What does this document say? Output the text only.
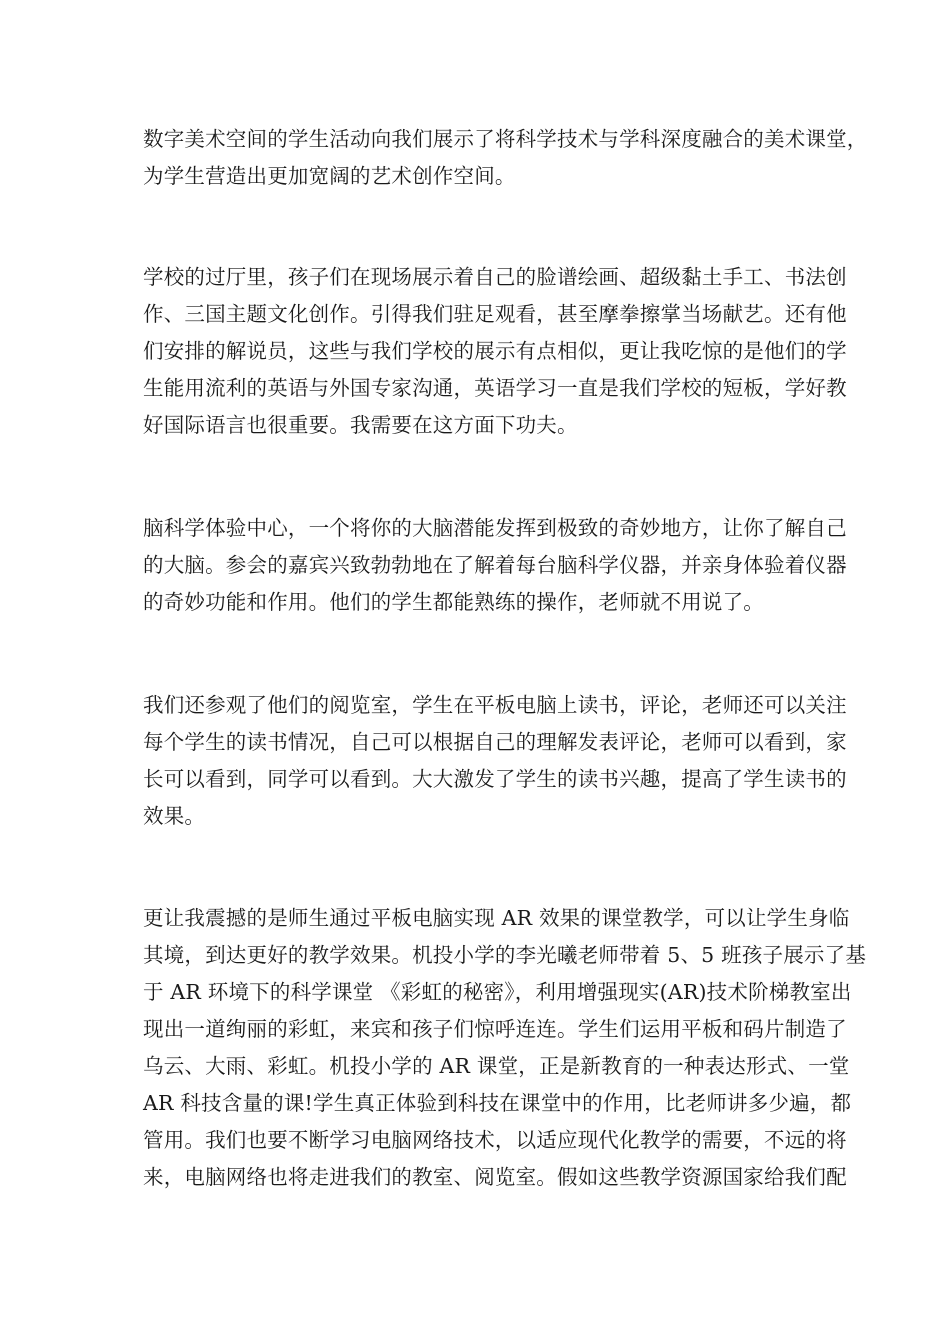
数字美术空间的学生活动向我们展示了将科学技术与学科深度融合的美术课堂，
为学生营造出更加宽阔的艺术创作空间。
学校的过厅里，孩子们在现场展示着自己的脸谱绘画、超级黏土手工、书法创
作、三国主题文化创作。引得我们驻足观看，甚至摩拳擦掌当场献艺。还有他
们安排的解说员，这些与我们学校的展示有点相似，更让我吃惊的是他们的学
生能用流利的英语与外国专家沟通，英语学习一直是我们学校的短板，学好教
好国际语言也很重要。我需要在这方面下功夫。
脑科学体验中心，一个将你的大脑潜能发挥到极致的奇妙地方，让你了解自己
的大脑。参会的嘉宾兴致勃勃地在了解着每台脑科学仪器，并亲身体验着仪器
的奇妙功能和作用。他们的学生都能熟练的操作，老师就不用说了。
我们还参观了他们的阅览室，学生在平板电脑上读书，评论，老师还可以关注
每个学生的读书情况，自己可以根据自己的理解发表评论，老师可以看到，家
长可以看到，同学可以看到。大大激发了学生的读书兴趣，提高了学生读书的
效果。
更让我震撼的是师生通过平板电脑实现 AR 效果的课堂教学，可以让学生身临
其境，到达更好的教学效果。机投小学的李光曦老师带着 5、5 班孩子展示了基
于 AR 环境下的科学课堂 《彩虹的秘密》，利用增强现实(AR)技术阶梯教室出
现出一道绚丽的彩虹，来宾和孩子们惊呼连连。学生们运用平板和码片制造了
乌云、大雨、彩虹。机投小学的 AR 课堂，正是新教育的一种表达形式、一堂
AR 科技含量的课!学生真正体验到科技在课堂中的作用，比老师讲多少遍，都
管用。我们也要不断学习电脑网络技术，以适应现代化教学的需要，不远的将
来，电脑网络也将走进我们的教室、阅览室。假如这些教学资源国家给我们配
